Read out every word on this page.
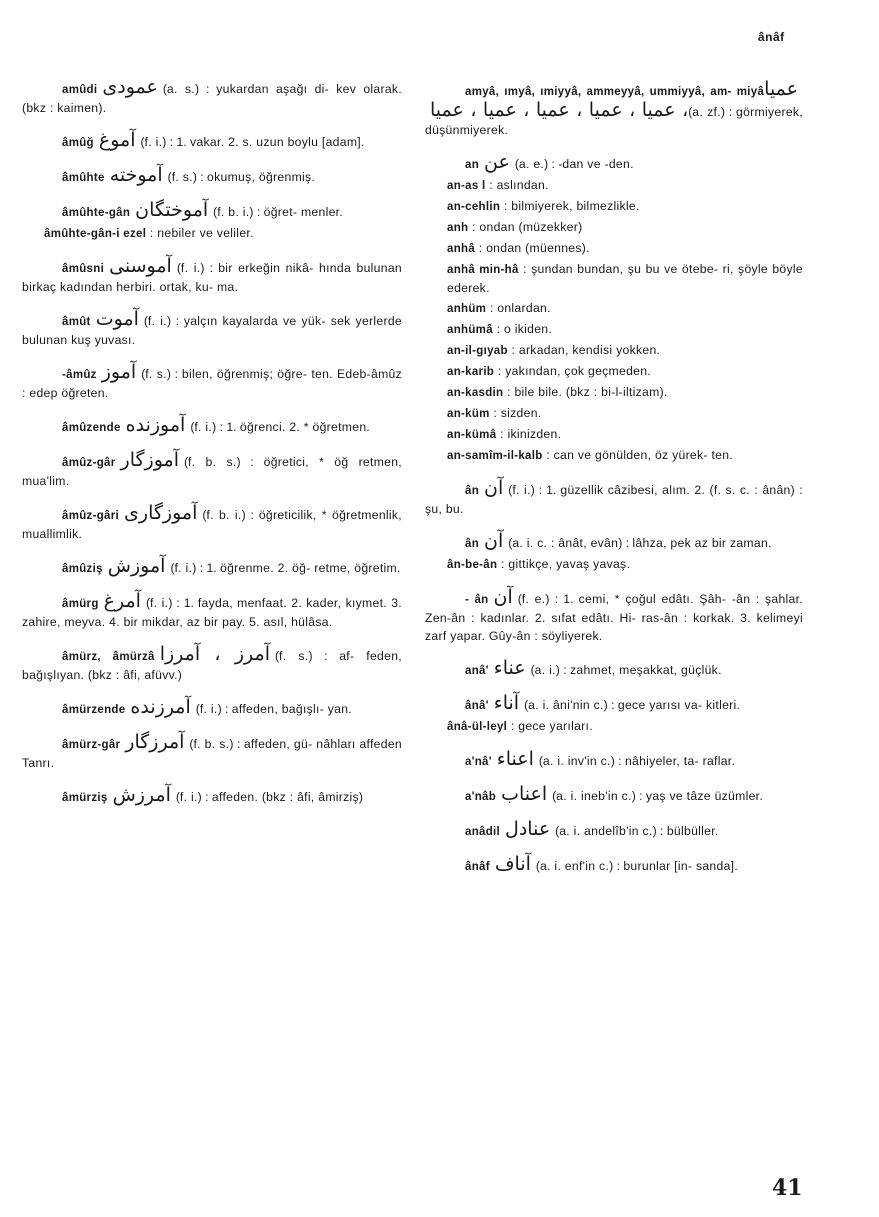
ânâf

amûdi عمودی (a. s.) : yukardan aşağı di- kev olarak. (bkz : kaimen).

âmûğ آموغ (f. i.) : 1. vakar. 2. s. uzun boylu [adam].

âmûhte آموخته (f. s.) : okumuş, öğrenmiş.

âmûhte-gân آموختگان (f. b. i.) : öğret- menler.

âmûhte-gân-i ezel : nebiler ve veliler.

âmûsni آموسنی (f. i.) : bir erkeğin nikâ- hında bulunan birkaç kadından herbiri. ortak, ku- ma.

âmût آموت (f. i.) : yalçın kayalarda ve yük- sek yerlerde bulunan kuş yuvası.

-âmûz آموز (f. s.) : bilen, öğrenmiş; öğre- ten. Edeb-âmûz : edep öğreten.

âmûzende آموزنده (f. i.) : 1. öğrenci. 2. * öğretmen.

âmûz-gâr آموزگار (f. b. s.) : öğretici, * öğ retmen, mua'lim.

âmûz-gâri آموزگاری (f. b. i.) : öğreticilik, * öğretmenlik, muallimlik.

âmûziş آموزش (f. i.) : 1. öğrenme. 2. öğ- retme, öğretim.

âmürg آمرغ (f. i.) : 1. fayda, menfaat. 2. kader, kıymet. 3. zahire, meyva. 4. bir mikdar, az bir pay. 5. asıl, hülâsa.

âmürz, âmürzâ آمرز ، آمرزا (f. s.) : af- feden, bağışlıyan. (bkz : âfi, afüvv.)

âmürzende آمرزنده (f. i.) : affeden, bağışlı- yan.

âmürz-gâr آمرزگار (f. b. s.) : affeden, gü- nâhları affeden Tanrı.

âmürziş آمرزش (f. i.) : affeden. (bkz : âfi, âmirziş)

amyâ, ımyâ, ımiyyâ, ammeyyâ, ummiyyâ, am- miyâعمیا ، عمیا ، عمیا ، عمیا ، عمیا ، عمیا(a. zf.) : görmiyerek, düşünmiyerek.

an عن (a. e.) : -dan ve -den.

an-as l : aslından.

an-cehlin : bilmiyerek, bilmezlikle.

anh : ondan (müzekker)

anhâ : ondan (müennes).

anhâ min-hâ : şundan bundan, şu bu ve ötebe- ri, şöyle böyle ederek.

anhüm : onlardan.

anhümâ : o ikiden.

an-il-gıyab : arkadan, kendisi yokken.

an-karib : yakından, çok geçmeden.

an-kasdin : bile bile. (bkz : bi-l-iltizam).

an-küm : sizden.

an-kümâ : ikinizden.

an-samîm-il-kalb : can ve gönülden, öz yürek- ten.

ân آن (f. i.) : 1. güzellik câzibesi, alım. 2. (f. s. c. : ânân) : şu, bu.

ân آن (a. i. c. : ânât, evân) : lâhza, pek az bir zaman.

ân-be-ân : gittikçe, yavaş yavaş.

- ân آن (f. e.) : 1. cemi, * çoğul edâtı. Şâh- -ân : şahlar. Zen-ân : kadınlar. 2. sıfat edâtı. Hi- ras-ân : korkak. 3. kelimeyi zarf yapar. Gûy-ân : söyliyerek.

anâ' عناء (a. i.) : zahmet, meşakkat, güçlük.

ânâ' آناء (a. i. âni'nin c.) : gece yarısı va- kitleri.

ânâ-ül-leyl : gece yarıları.

a'nâ' اعناء (a. i. inv'in c.) : nâhiyeler, ta- raflar.

a'nâb اعناب (a. i. ineb'in c.) : yaş ve tâze üzümler.

anâdil عنادل (a. i. andelîb'in c.) : bülbüller.

ânâf آناف (a. i. enf'in c.) : burunlar [in- sanda].

41
